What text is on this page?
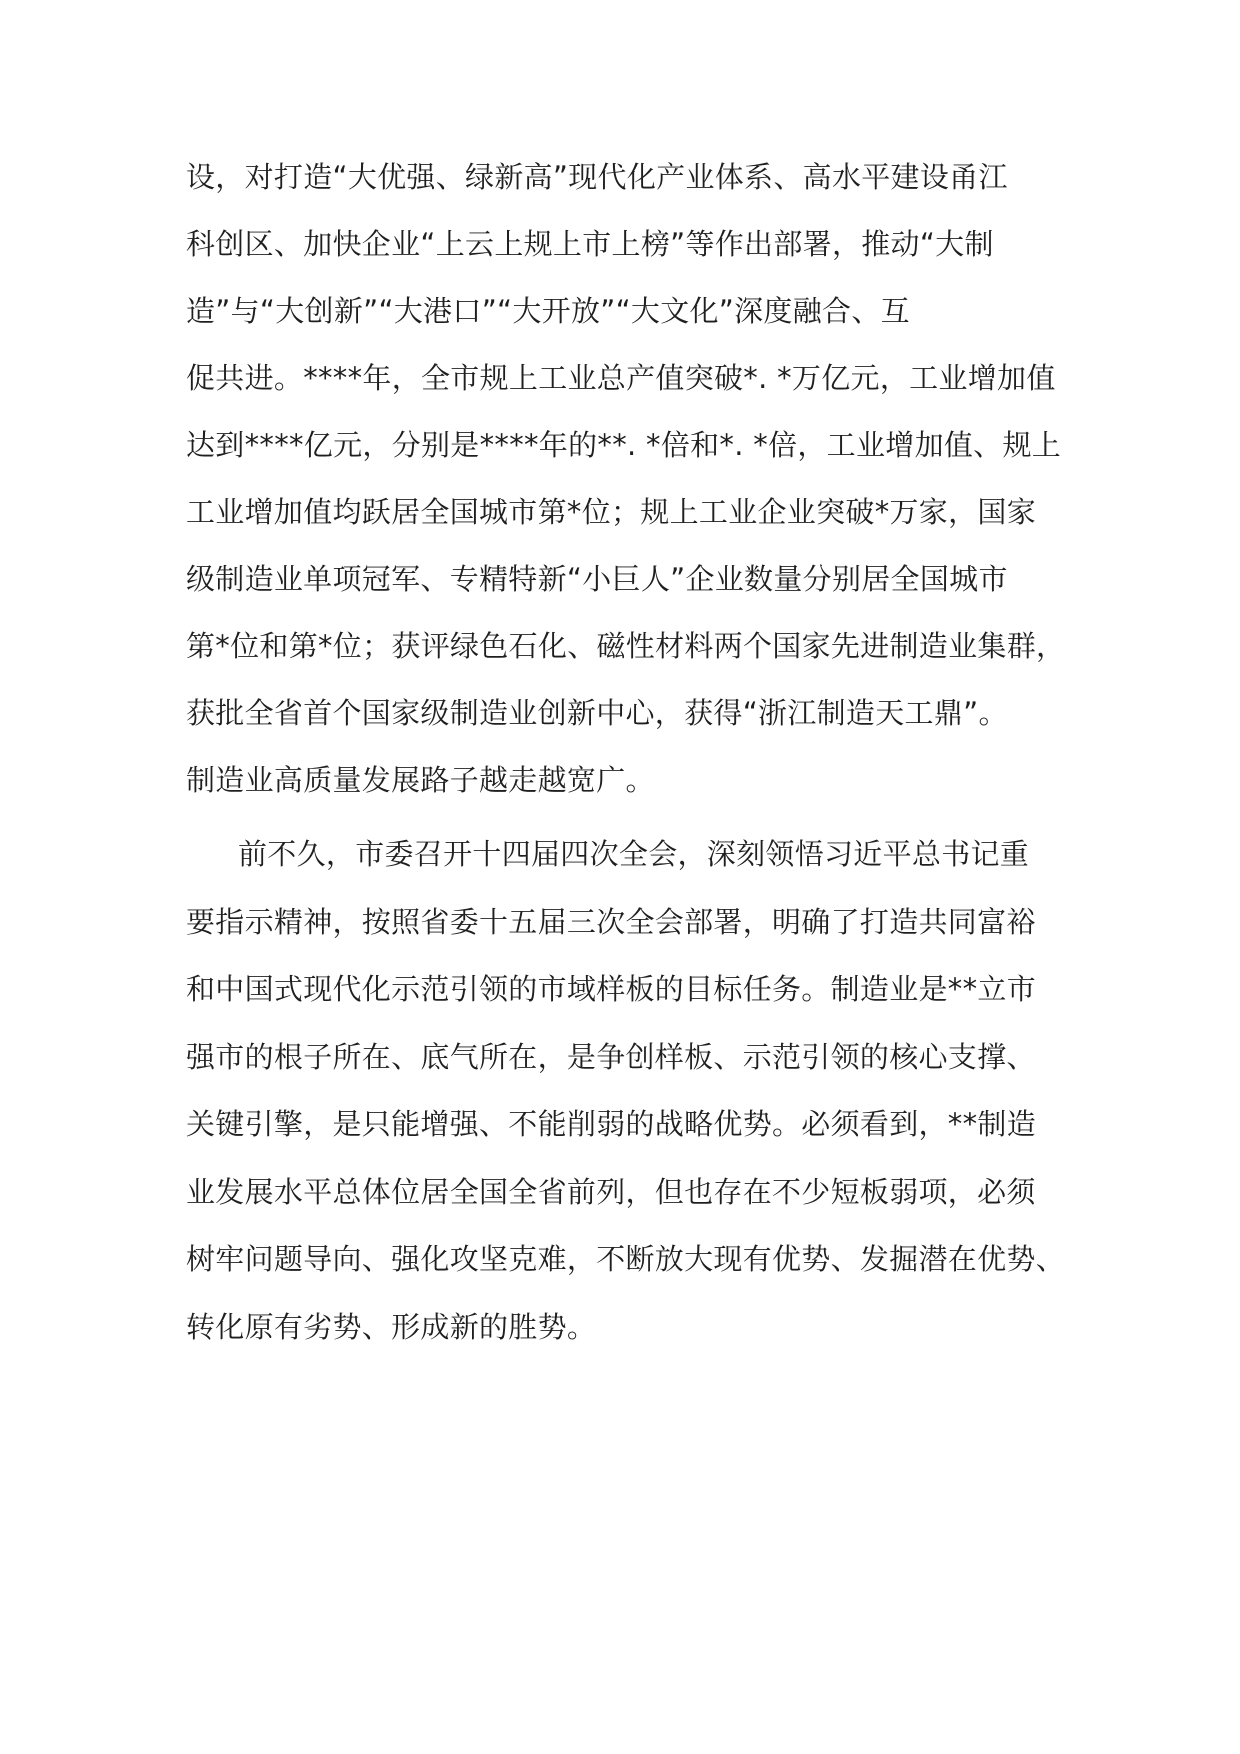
设，对打造“大优强、绿新高”现代化产业体系、高水平建设甬江

科创区、加快企业“上云上规上市上榜”等作出部署，推动“大制

造”与“大创新”“大港口”“大开放”“大文化”深度融合、互

促共进。****年，全市规上工业总产值突破*. *万亿元，工业增加值

达到****亿元，分别是****年的**. *倍和*. *倍，工业增加值、规上

工业增加值均跃居全国城市第*位；规上工业企业突破*万家，国家

级制造业单项冠军、专精特新“小巨人”企业数量分别居全国城市

第*位和第*位；获评绿色石化、磁性材料两个国家先进制造业集群，

获批全省首个国家级制造业创新中心，获得“浙江制造天工鼎”。

制造业高质量发展路子越走越宽广。

前不久，市委召开十四届四次全会，深刻领悟习近平总书记重

要指示精神，按照省委十五届三次全会部署，明确了打造共同富裕

和中国式现代化示范引领的市域样板的目标任务。制造业是**立市

强市的根子所在、底气所在，是争创样板、示范引领的核心支撑、

关键引擎，是只能增强、不能削弱的战略优势。必须看到，**制造

业发展水平总体位居全国全省前列，但也存在不少短板弱项，必须

树牢问题导向、强化攻坚克难，不断放大现有优势、发掘潜在优势、

转化原有劣势、形成新的胜势。
